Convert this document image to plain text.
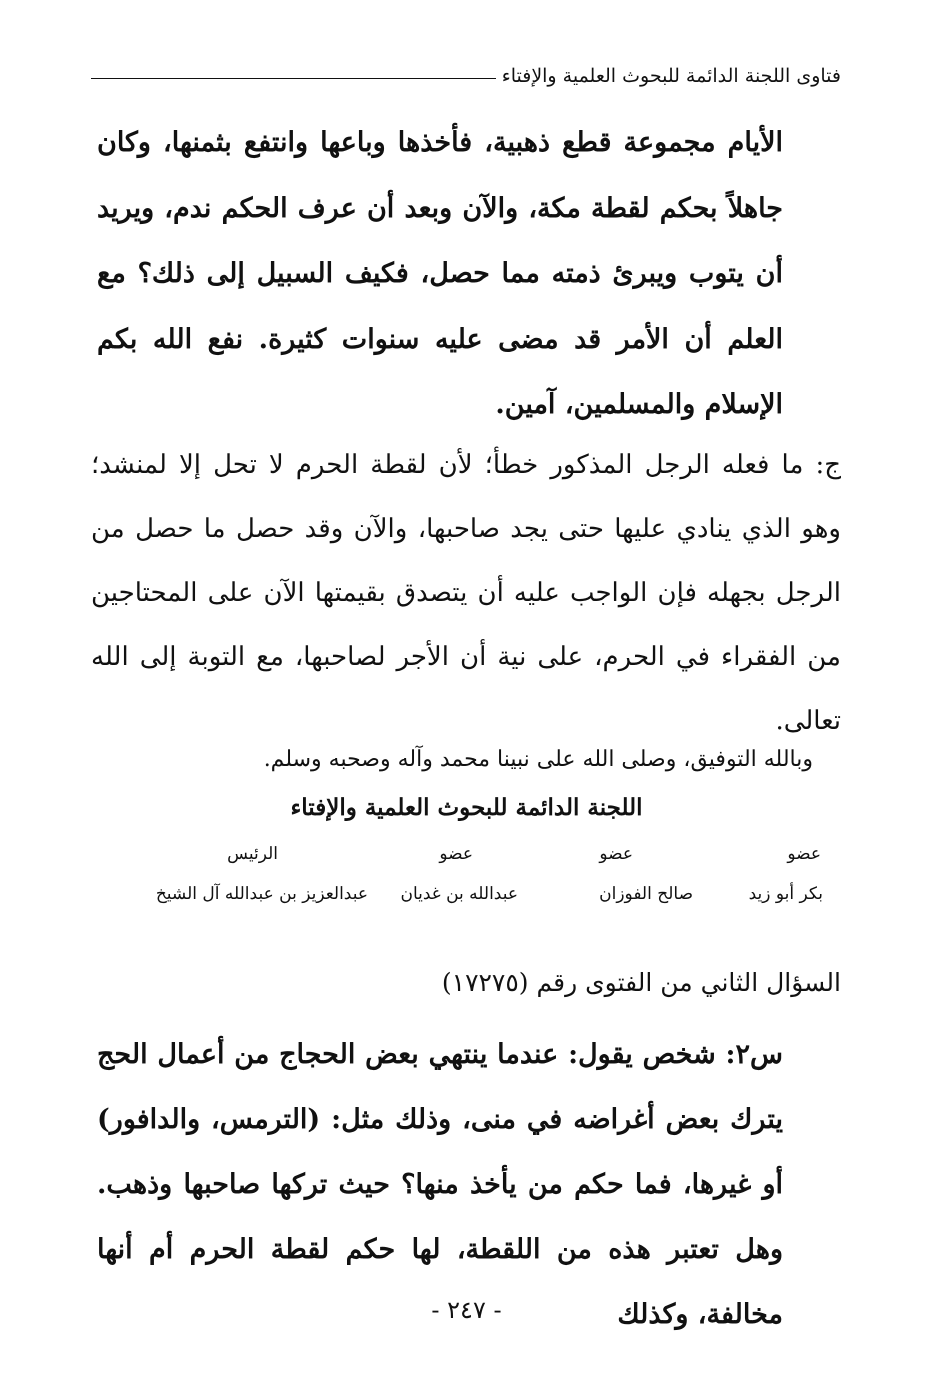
فتاوى اللجنة الدائمة للبحوث العلمية والإفتاء
الأيام مجموعة قطع ذهبية، فأخذها وباعها وانتفع بثمنها، وكان جاهلاً بحكم لقطة مكة، والآن وبعد أن عرف الحكم ندم، ويريد أن يتوب ويبرئ ذمته مما حصل، فكيف السبيل إلى ذلك؟ مع العلم أن الأمر قد مضى عليه سنوات كثيرة. نفع الله بكم الإسلام والمسلمين، آمين.
ج: ما فعله الرجل المذكور خطأ؛ لأن لقطة الحرم لا تحل إلا لمنشد؛ وهو الذي ينادي عليها حتى يجد صاحبها، والآن وقد حصل ما حصل من الرجل بجهله فإن الواجب عليه أن يتصدق بقيمتها الآن على المحتاجين من الفقراء في الحرم، على نية أن الأجر لصاحبها، مع التوبة إلى الله تعالى.
وبالله التوفيق، وصلى الله على نبينا محمد وآله وصحبه وسلم.
اللجنة الدائمة للبحوث العلمية والإفتاء
عضو
عضو
عضو
الرئيس
بكر أبو زيد
صالح الفوزان
عبدالله بن غديان
عبدالعزيز بن عبدالله آل الشيخ
السؤال الثاني من الفتوى رقم (١٧٢٧٥)
س٢: شخص يقول: عندما ينتهي بعض الحجاج من أعمال الحج يترك بعض أغراضه في منى، وذلك مثل: (الترمس، والدافور) أو غيرها، فما حكم من يأخذ منها؟ حيث تركها صاحبها وذهب. وهل تعتبر هذه من اللقطة، لها حكم لقطة الحرم أم أنها مخالفة، وكذلك
- ٢٤٧ -
